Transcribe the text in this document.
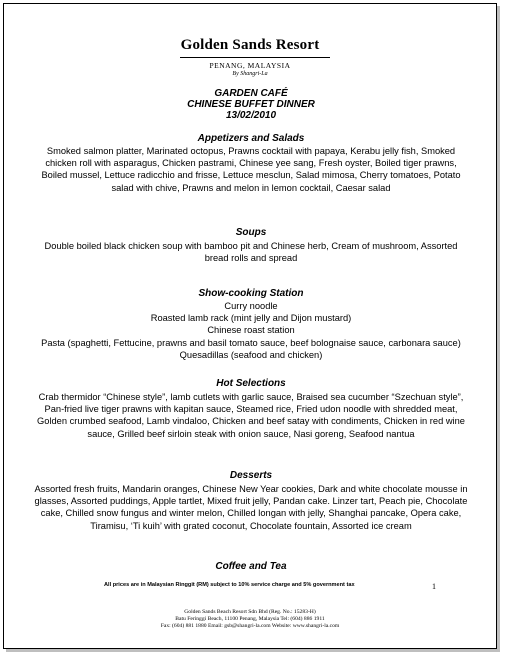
Golden Sands Resort
PENANG, MALAYSIA
By Shangri-La
GARDEN CAFÉ
CHINESE BUFFET DINNER
13/02/2010
Appetizers and Salads
Smoked salmon platter, Marinated octopus, Prawns cocktail with papaya, Kerabu jelly fish, Smoked chicken roll with asparagus, Chicken pastrami, Chinese yee sang, Fresh oyster, Boiled tiger prawns, Boiled mussel, Lettuce radicchio and frisse, Lettuce mesclun, Salad mimosa, Cherry tomatoes, Potato salad with chive, Prawns and melon in lemon cocktail, Caesar salad
Soups
Double boiled black chicken soup with bamboo pit and Chinese herb, Cream of mushroom, Assorted bread rolls and spread
Show-cooking Station
Curry noodle
Roasted lamb rack (mint jelly and Dijon mustard)
Chinese roast station
Pasta (spaghetti, Fettucine, prawns and basil tomato sauce, beef bolognaise sauce, carbonara sauce)
Quesadillas (seafood and chicken)
Hot Selections
Crab thermidor “Chinese style”, lamb cutlets with garlic sauce, Braised sea cucumber “Szechuan style”, Pan-fried live tiger prawns with kapitan sauce, Steamed rice, Fried udon noodle with shredded meat, Golden crumbed seafood, Lamb vindaloo, Chicken and beef satay with condiments, Chicken in red wine sauce, Grilled beef sirloin steak with onion sauce, Nasi goreng, Seafood nantua
Desserts
Assorted fresh fruits, Mandarin oranges, Chinese New Year cookies, Dark and white chocolate mousse in glasses, Assorted puddings, Apple tartlet, Mixed fruit jelly, Pandan cake. Linzer tart, Peach pie, Chocolate cake, Chilled snow fungus and winter melon, Chilled longan with jelly, Shanghai pancake, Opera cake, Tiramisu, ‘Ti kuih’ with grated coconut, Chocolate fountain, Assorted ice cream
Coffee and Tea
All prices are in Malaysian Ringgit (RM) subject to 10% service charge and 5% government tax	1
Golden Sands Beach Resort Sdn Bhd (Reg. No.: 15283-H)
Batu Feringgi Beach, 11100 Penang, Malaysia Tel: (604) 886 1911
Fax: (604) 881 1880 Email: gsb@shangri-la.com Website: www.shangri-la.com
